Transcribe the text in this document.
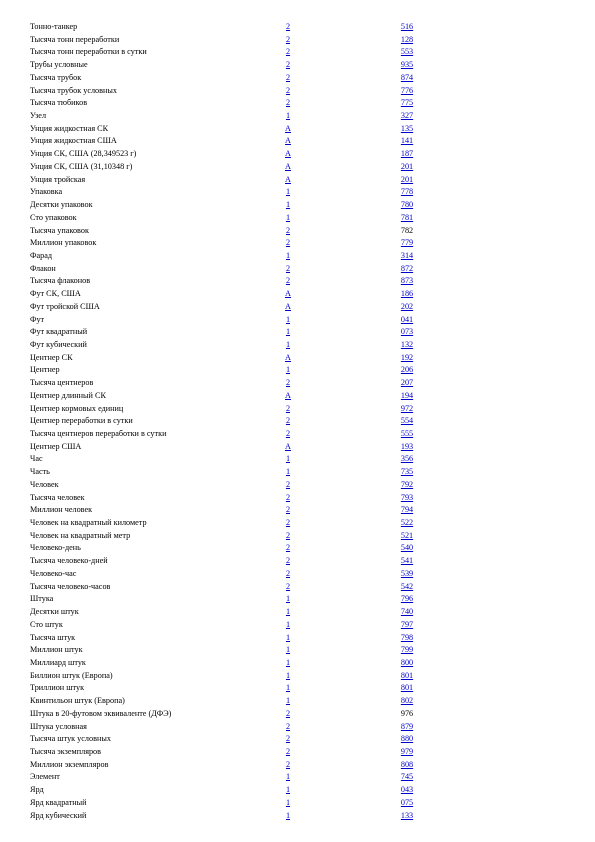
Тонно-танкер	2	516
Тысяча тонн переработки	2	128
Тысяча тонн переработки в сутки	2	553
Трубы условные	2	935
Тысяча трубок	2	874
Тысяча трубок условных	2	776
Тысяча тюбиков	2	775
Узел	1	327
Унция жидкостная СК	A	135
Унция жидкостная США	A	141
Унция СК, США (28,349523 г)	A	187
Унция СК, США (31,10348 г)	A	201
Унция тройская	A	201
Упаковка	1	778
Десятки упаковок	1	780
Сто упаковок	1	781
Тысяча упаковок	2	782
Миллион упаковок	2	779
Фарад	1	314
Флакон	2	872
Тысяча флаконов	2	873
Фут СК, США	A	186
Фут тройской США	A	202
Фут	1	041
Фут квадратный	1	073
Фут кубический	1	132
Центнер СК	A	192
Центнер	1	206
Тысяча центнеров	2	207
Центнер длинный СК	A	194
Центнер кормовых единиц	2	972
Центнер переработки в сутки	2	554
Тысяча центнеров переработки в сутки	2	555
Центнер США	A	193
Час	1	356
Часть	1	735
Человек	2	792
Тысяча человек	2	793
Миллион человек	2	794
Человек на квадратный километр	2	522
Человек на квадратный метр	2	521
Человеко-день	2	540
Тысяча человеко-дней	2	541
Человеко-час	2	539
Тысяча человеко-часов	2	542
Штука	1	796
Десятки штук	1	740
Сто штук	1	797
Тысяча штук	1	798
Миллион штук	1	799
Миллиард штук	1	800
Биллион штук (Европа)	1	801
Триллион штук	1	801
Квинтильон штук (Европа)	1	802
Штука в 20-футовом эквиваленте (ДФЭ)	2	976
Штука условная	2	879
Тысяча штук условных	2	880
Тысяча экземпляров	2	979
Миллион экземпляров	2	808
Элемент	1	745
Ярд	1	043
Ярд квадратный	1	075
Ярд кубический	1	133
